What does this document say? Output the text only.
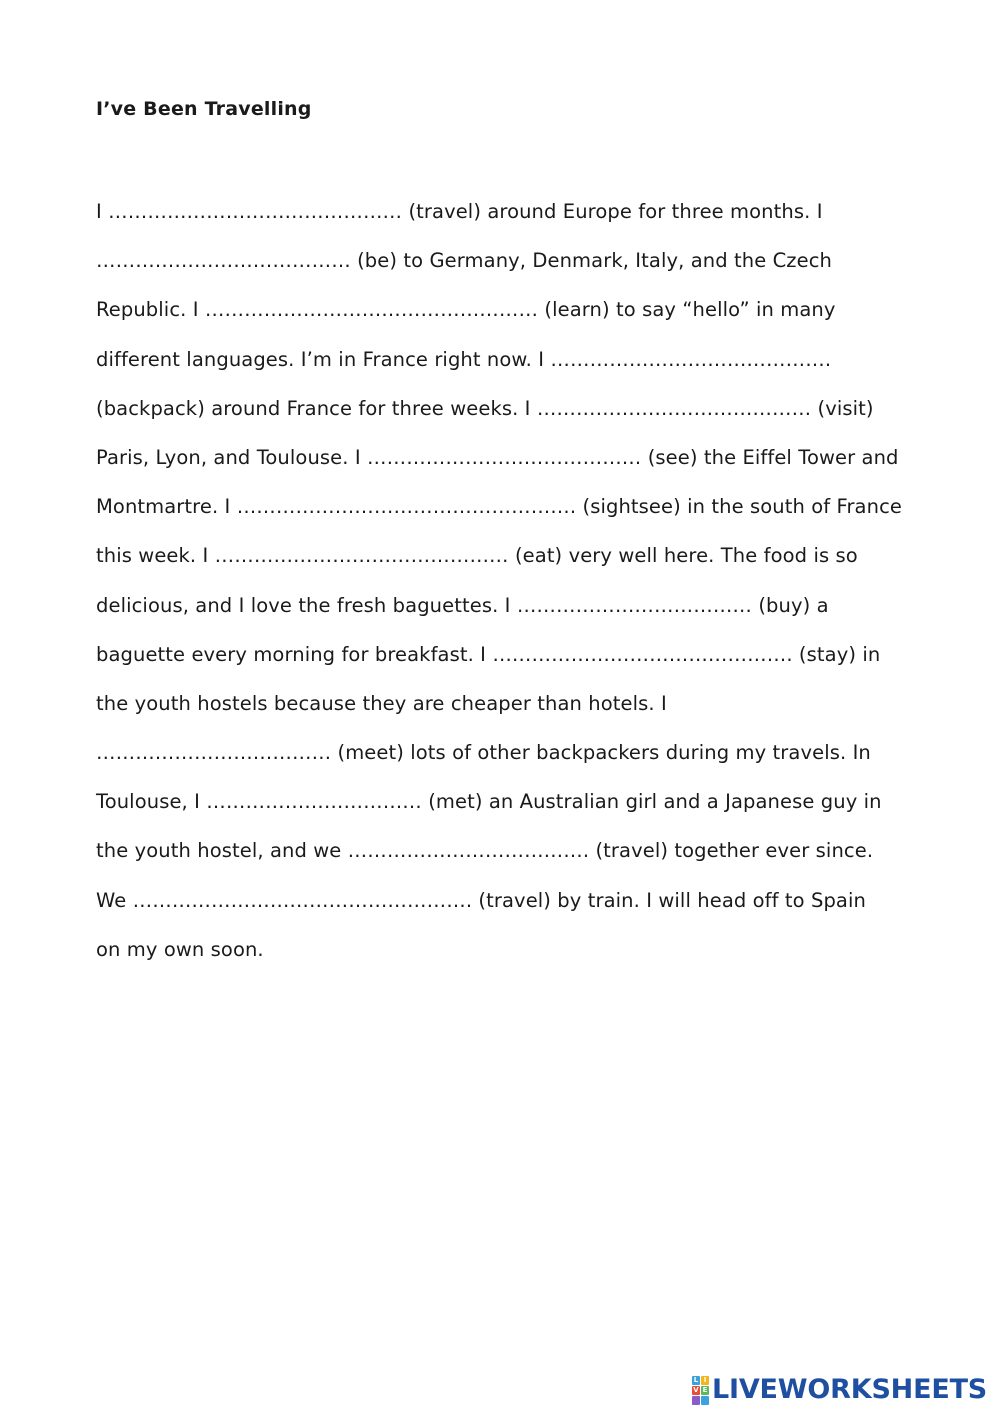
I’ve Been Travelling
I ……………………………………… (travel) around Europe for three months. I
………………………………… (be) to Germany, Denmark, Italy, and the Czech
Republic. I …………………………………………… (learn) to say “hello” in many
different languages. I’m in France right now. I …………………………………….
(backpack) around France for three weeks. I …………………………………… (visit)
Paris, Lyon, and Toulouse. I …………………………………… (see) the Eiffel Tower and
Montmartre. I ……………………………………………. (sightsee) in the south of France
this week. I ……………………………………… (eat) very well here. The food is so
delicious, and I love the fresh baguettes. I ……………………………… (buy) a
baguette every morning for breakfast. I ………………………………………. (stay) in
the youth hostels because they are cheaper than hotels. I
……………………………… (meet) lots of other backpackers during my travels. In
Toulouse, I …………………………… (met) an Australian girl and a Japanese guy in
the youth hostel, and we ………………………………. (travel) together ever since.
We ……………………………………………. (travel) by train. I will head off to Spain
on my own soon.
L I
V E LIVEWORKSHEETS
